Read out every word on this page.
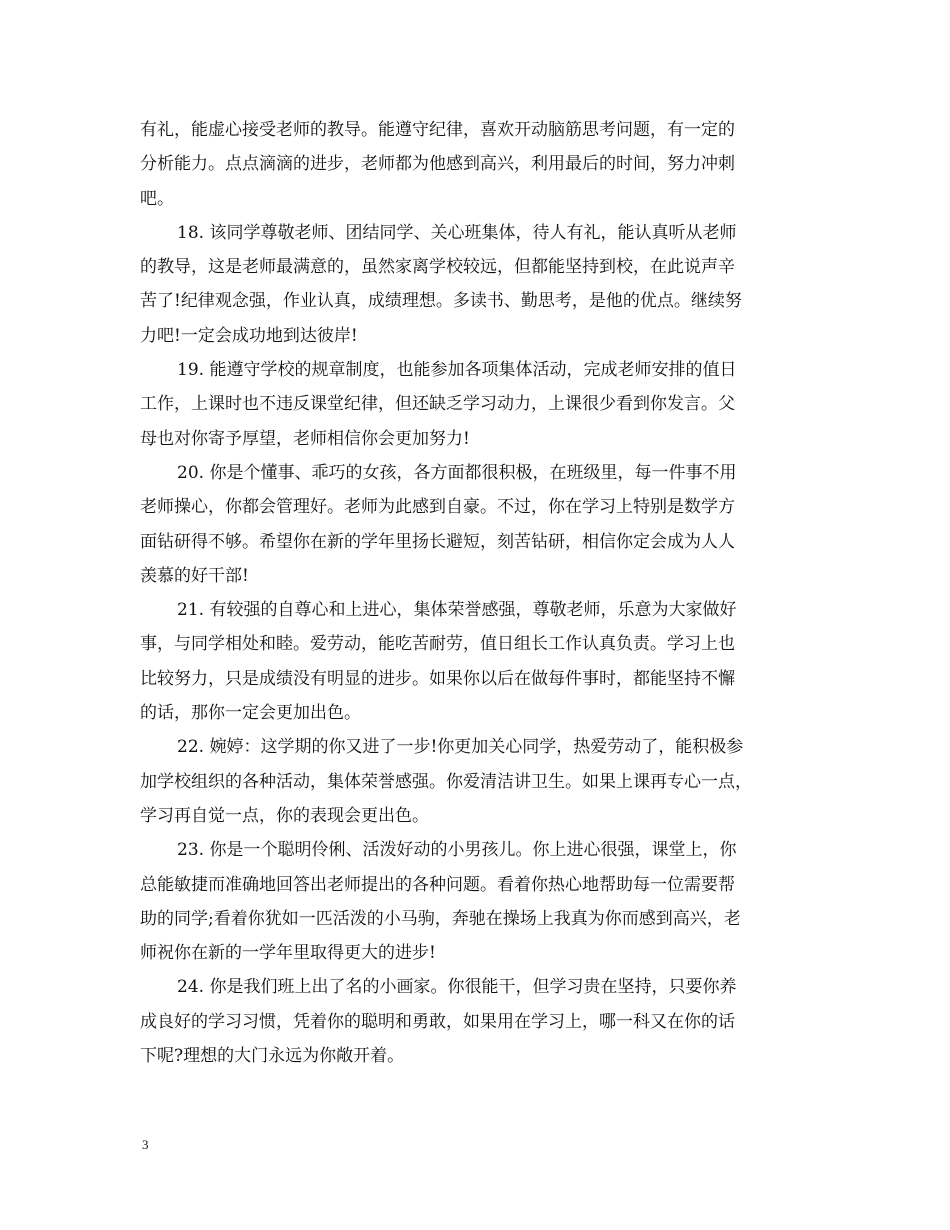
有礼，能虚心接受老师的教导。能遵守纪律，喜欢开动脑筋思考问题，有一定的
分析能力。点点滴滴的进步，老师都为他感到高兴，利用最后的时间，努力冲刺
吧。
18. 该同学尊敬老师、团结同学、关心班集体，待人有礼，能认真听从老师
的教导，这是老师最满意的，虽然家离学校较远，但都能坚持到校，在此说声辛
苦了!纪律观念强，作业认真，成绩理想。多读书、勤思考，是他的优点。继续努
力吧!一定会成功地到达彼岸!
19. 能遵守学校的规章制度，也能参加各项集体活动，完成老师安排的值日
工作，上课时也不违反课堂纪律，但还缺乏学习动力，上课很少看到你发言。父
母也对你寄予厚望，老师相信你会更加努力!
20. 你是个懂事、乖巧的女孩，各方面都很积极，在班级里，每一件事不用
老师操心，你都会管理好。老师为此感到自豪。不过，你在学习上特别是数学方
面钻研得不够。希望你在新的学年里扬长避短，刻苦钻研，相信你定会成为人人
羡慕的好干部!
21. 有较强的自尊心和上进心，集体荣誉感强，尊敬老师，乐意为大家做好
事，与同学相处和睦。爱劳动，能吃苦耐劳，值日组长工作认真负责。学习上也
比较努力，只是成绩没有明显的进步。如果你以后在做每件事时，都能坚持不懈
的话，那你一定会更加出色。
22. 婉婷：这学期的你又进了一步!你更加关心同学，热爱劳动了，能积极参
加学校组织的各种活动，集体荣誉感强。你爱清洁讲卫生。如果上课再专心一点，
学习再自觉一点，你的表现会更出色。
23. 你是一个聪明伶俐、活泼好动的小男孩儿。你上进心很强，课堂上，你
总能敏捷而准确地回答出老师提出的各种问题。看着你热心地帮助每一位需要帮
助的同学;看着你犹如一匹活泼的小马驹，奔驰在操场上我真为你而感到高兴，老
师祝你在新的一学年里取得更大的进步!
24. 你是我们班上出了名的小画家。你很能干，但学习贵在坚持，只要你养
成良好的学习习惯，凭着你的聪明和勇敢，如果用在学习上，哪一科又在你的话
下呢?理想的大门永远为你敞开着。
3
